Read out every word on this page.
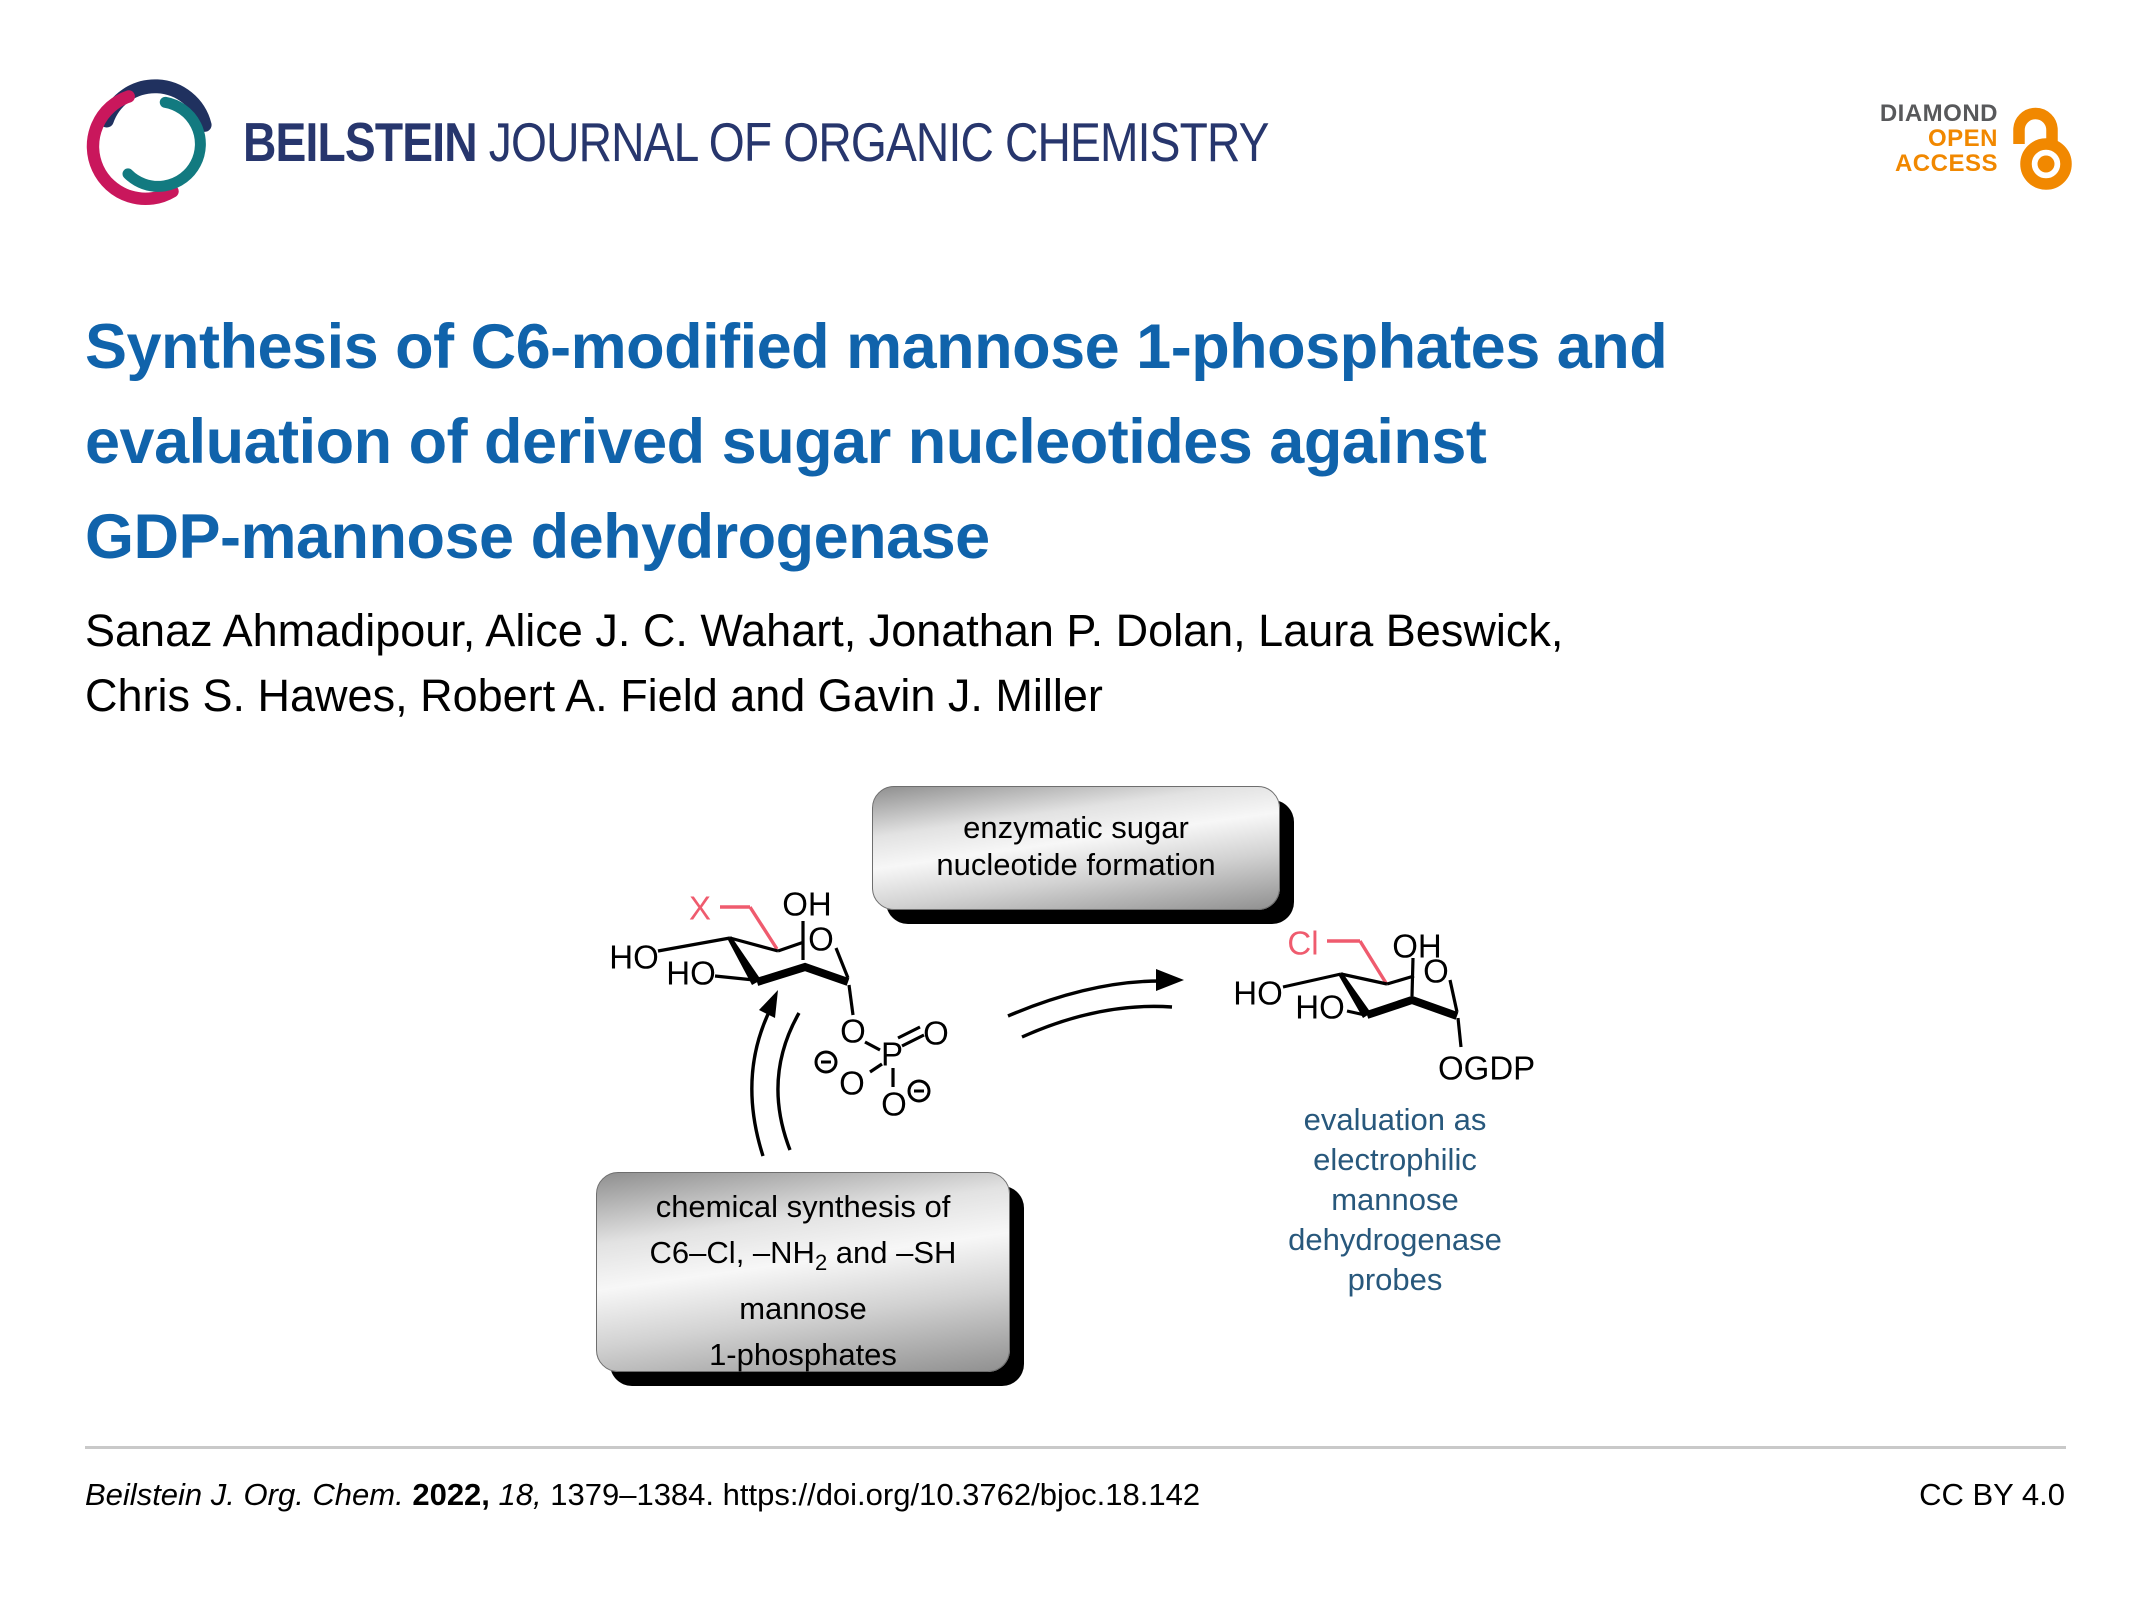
BEILSTEIN JOURNAL OF ORGANIC CHEMISTRY	DIAMOND
OPEN
ACCESS
Synthesis of C6-modified mannose 1-phosphates and
evaluation of derived sugar nucleotides against
GDP-mannose dehydrogenase
Sanaz Ahmadipour, Alice J. C. Wahart, Jonathan P. Dolan, Laura Beswick,
Chris S. Hawes, Robert A. Field and Gavin J. Miller
X OH
O
HO HO
O
P
O
O
O
Cl OH
O
HO HO
OGDP
enzymatic sugar
nucleotide formation
chemical synthesis of
C6–Cl, $-NH_2$ and –SH
mannose
1-phosphates
evaluation as
electrophilic
mannose
dehydrogenase
probes
Beilstein J. Org. Chem. 2022, 18, 1379–1384. https://doi.org/10.3762/bjoc.18.142	CC BY 4.0
